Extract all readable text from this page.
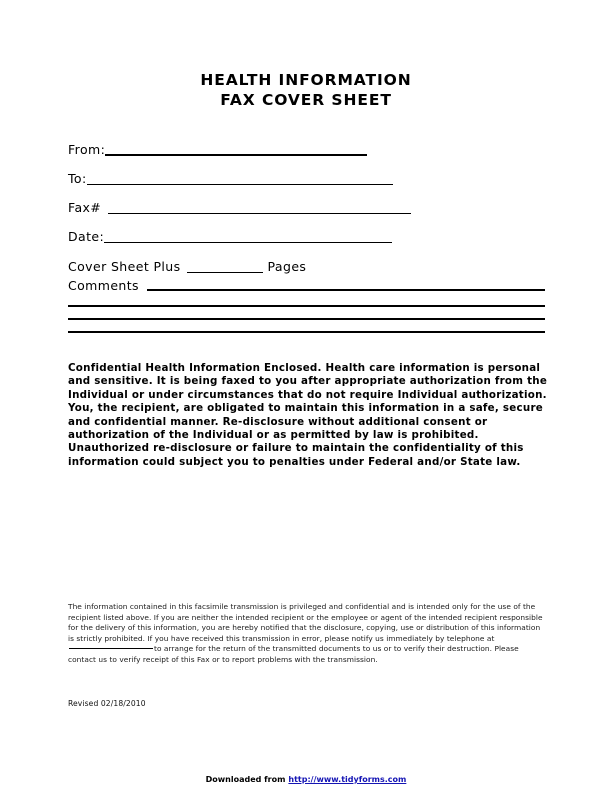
HEALTH INFORMATION
FAX COVER SHEET
From:
To:
Fax#
Date:
Cover Sheet Plus	Pages
Comments
Confidential Health Information Enclosed. Health care information is personal and sensitive. It is being faxed to you after appropriate authorization from the Individual or under circumstances that do not require Individual authorization. You, the recipient, are obligated to maintain this information in a safe, secure and confidential manner. Re-disclosure without additional consent or authorization of the Individual or as permitted by law is prohibited. Unauthorized re-disclosure or failure to maintain the confidentiality of this information could subject you to penalties under Federal and/or State law.
The information contained in this facsimile transmission is privileged and confidential and is intended only for the use of the recipient listed above. If you are neither the intended recipient or the employee or agent of the intended recipient responsible for the delivery of this information, you are hereby notified that the disclosure, copying, use or distribution of this information is strictly prohibited. If you have received this transmission in error, please notify us immediately by telephone atto arrange for the return of the transmitted documents to us or to verify their destruction. Please contact us to verify receipt of this Fax or to report problems with the transmission.
Revised 02/18/2010
Downloaded from http://www.tidyforms.com
